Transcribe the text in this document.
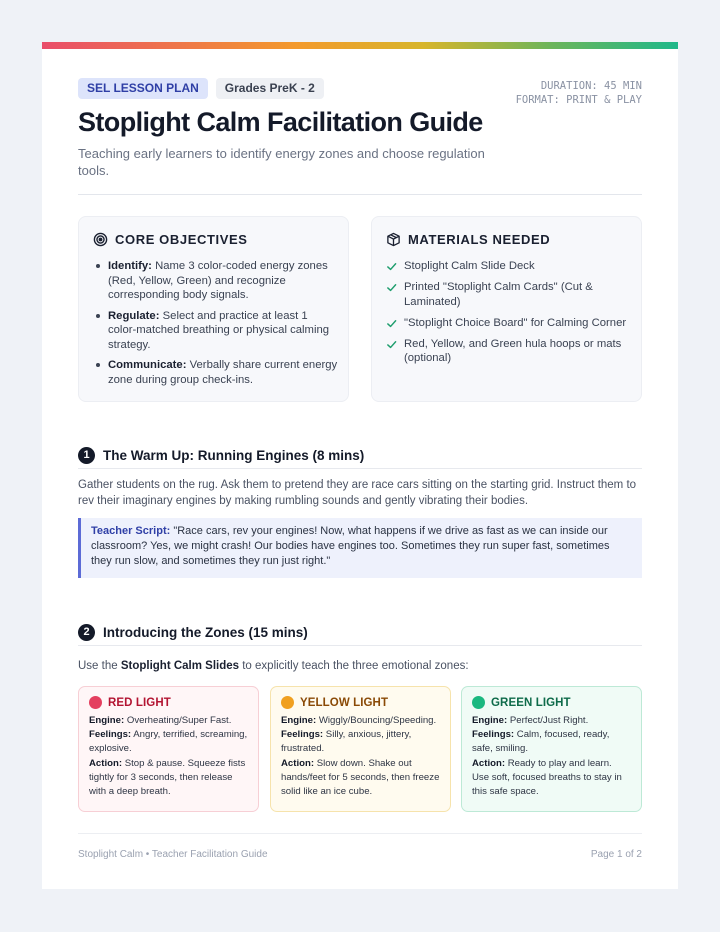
SEL LESSON PLAN	Grades PreK - 2	DURATION: 45 MIN
FORMAT: PRINT & PLAY
Stoplight Calm Facilitation Guide

Teaching early learners to identify energy zones and choose regulation tools.

CORE OBJECTIVES
Identify: Name 3 color-coded energy zones (Red, Yellow, Green) and recognize corresponding body signals.
Regulate: Select and practice at least 1 color-matched breathing or physical calming strategy.
Communicate: Verbally share current energy zone during group check-ins.
MATERIALS NEEDED
Stoplight Calm Slide Deck
Printed "Stoplight Calm Cards" (Cut & Laminated)
"Stoplight Choice Board" for Calming Corner
Red, Yellow, and Green hula hoops or mats (optional)
1 The Warm Up: Running Engines (8 mins)

Gather students on the rug. Ask them to pretend they are race cars sitting on the starting grid. Instruct them to rev their imaginary engines by making rumbling sounds and gently vibrating their bodies.

Teacher Script: "Race cars, rev your engines! Now, what happens if we drive as fast as we can inside our classroom? Yes, we might crash! Our bodies have engines too. Sometimes they run super fast, sometimes they run slow, and sometimes they run just right."
2 Introducing the Zones (15 mins)

Use the Stoplight Calm Slides to explicitly teach the three emotional zones:

RED LIGHT
Engine: Overheating/Super Fast.
Feelings: Angry, terrified, screaming, explosive.
Action: Stop & pause. Squeeze fists tightly for 3 seconds, then release with a deep breath.
YELLOW LIGHT
Engine: Wiggly/Bouncing/Speeding.
Feelings: Silly, anxious, jittery, frustrated.
Action: Slow down. Shake out hands/feet for 5 seconds, then freeze solid like an ice cube.
GREEN LIGHT
Engine: Perfect/Just Right.
Feelings: Calm, focused, ready, safe, smiling.
Action: Ready to play and learn. Use soft, focused breaths to stay in this safe space.
Stoplight Calm • Teacher Facilitation Guide	Page 1 of 2
